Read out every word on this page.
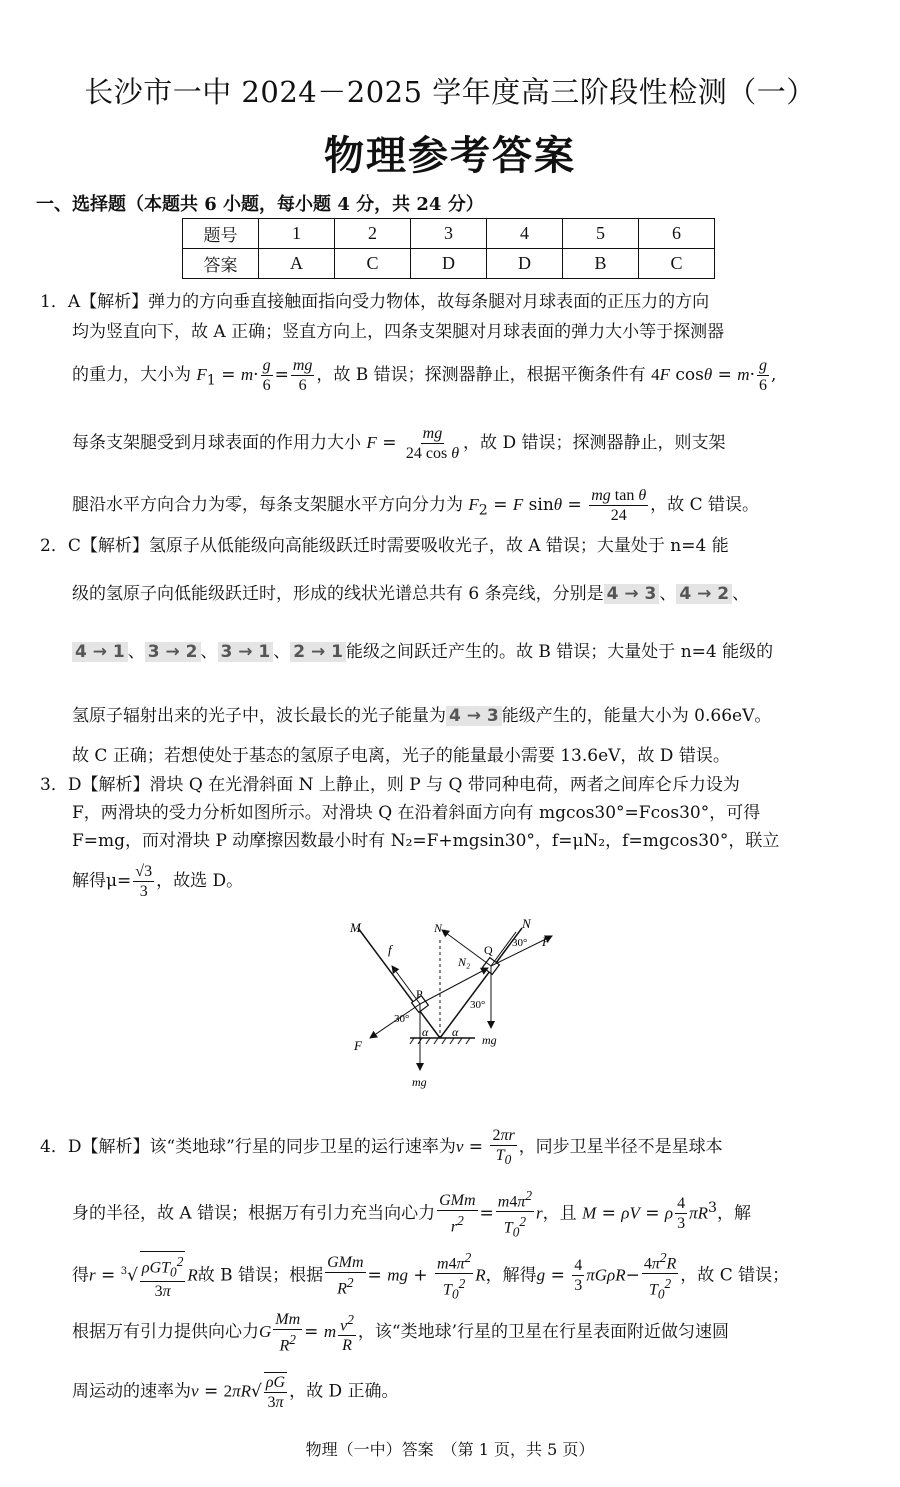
长沙市一中 2024－2025 学年度高三阶段性检测（一）
物理参考答案
一、选择题（本题共 6 小题，每小题 4 分，共 24 分）
题号	1	2	3	4	5	6
答案	A	C	D	D	B	C
1．A【解析】弹力的方向垂直接触面指向受力物体，故每条腿对月球表面的正压力的方向
均为竖直向下，故 A 正确；竖直方向上，四条支架腿对月球表面的弹力大小等于探测器
的重力，大小为 $F_1 = m\cdot \frac{g}{6} = \frac{mg}{6}$ ，故 B 错误；探测器静止，根据平衡条件有 4F $\cos\theta = m\cdot \frac{g}{6}$ ,
每条支架腿受到月球表面的作用力大小 $F = \frac{mg}{\text{24 cos θ}}$ ，故 D 错误；探测器静止，则支架
腿沿水平方向合力为零，每条支架腿水平方向分力为 $F_2 = F$ $\sin\theta = \frac{\text{mg tan θ}}{24}$ ，故 C 错误。
2．C【解析】氢原子从低能级向高能级跃迁时需要吸收光子，故 A 错误；大量处于 n=4 能
级的氢原子向低能级跃迁时，形成的线状光谱总共有 6 条亮线，分别是 4 → 3 、 4 → 2 、
4 → 1 、 3 → 2 、 3 → 1 、 2 → 1 能级之间跃迁产生的。故 B 错误；大量处于 n=4 能级的
氢原子辐射出来的光子中，波长最长的光子能量为 4 → 3 能级产生的，能量大小为 0.66eV。
故 C 正确；若想使处于基态的氢原子电离，光子的能量最小需要 13.6eV，故 D 错误。
3．D【解析】滑块 Q 在光滑斜面 N 上静止，则 P 与 Q 带同种电荷，两者之间库仑斥力设为
F，两滑块的受力分析如图所示。对滑块 Q 在沿着斜面方向有 mgcos30°=Fcos30°，可得
F=mg，而对滑块 P 动摩擦因数最小时有 N₂=F+mgsin30°，f=μN₂，f=mgcos30°，联立
解得$\mu= \frac{√3}{3}$ ，故选 D。
M	N
N₁
N₂
f
P
Q
F
F
mg
mg
30°
30°
30°
α α
4．D【解析】该“类地球”行星的同步卫星的运行速率为$v = \frac{2\pi r}{T_0}$ ，同步卫星半径不是星球本
身的半径，故 A 错误；根据万有引力充当向心力 $\frac{\text{GMm}}{r^2} = \frac{m4\pi^2}{T_0^2}$ r，且 M = ρV = ρ $\frac{4}{3} \pi R^3$，解
得$r = ^3√ \frac{\rho GT_0^2}{3\pi}$ R故 B 错误；根据 $\frac{\text{GMm}}{R^2}$ = mg + $\frac{m4\pi^2}{T_0^2}$ R，解得$g = \frac{4}{3} \pi G\rho R- \frac{4\pi^2R}{T_0^2}$ ，故 C 错误；
根据万有引力提供向心力G $\frac{Mm}{R^2} = m \frac{v^2}{R}$ ，该“类地球’行星的卫星在行星表面附近做匀速圆
周运动的速率为$v = 2\pi R√ \frac{\rho G}{3\pi}$ ，故 D 正确。
物理（一中）答案　（第 1 页，共 5 页）
